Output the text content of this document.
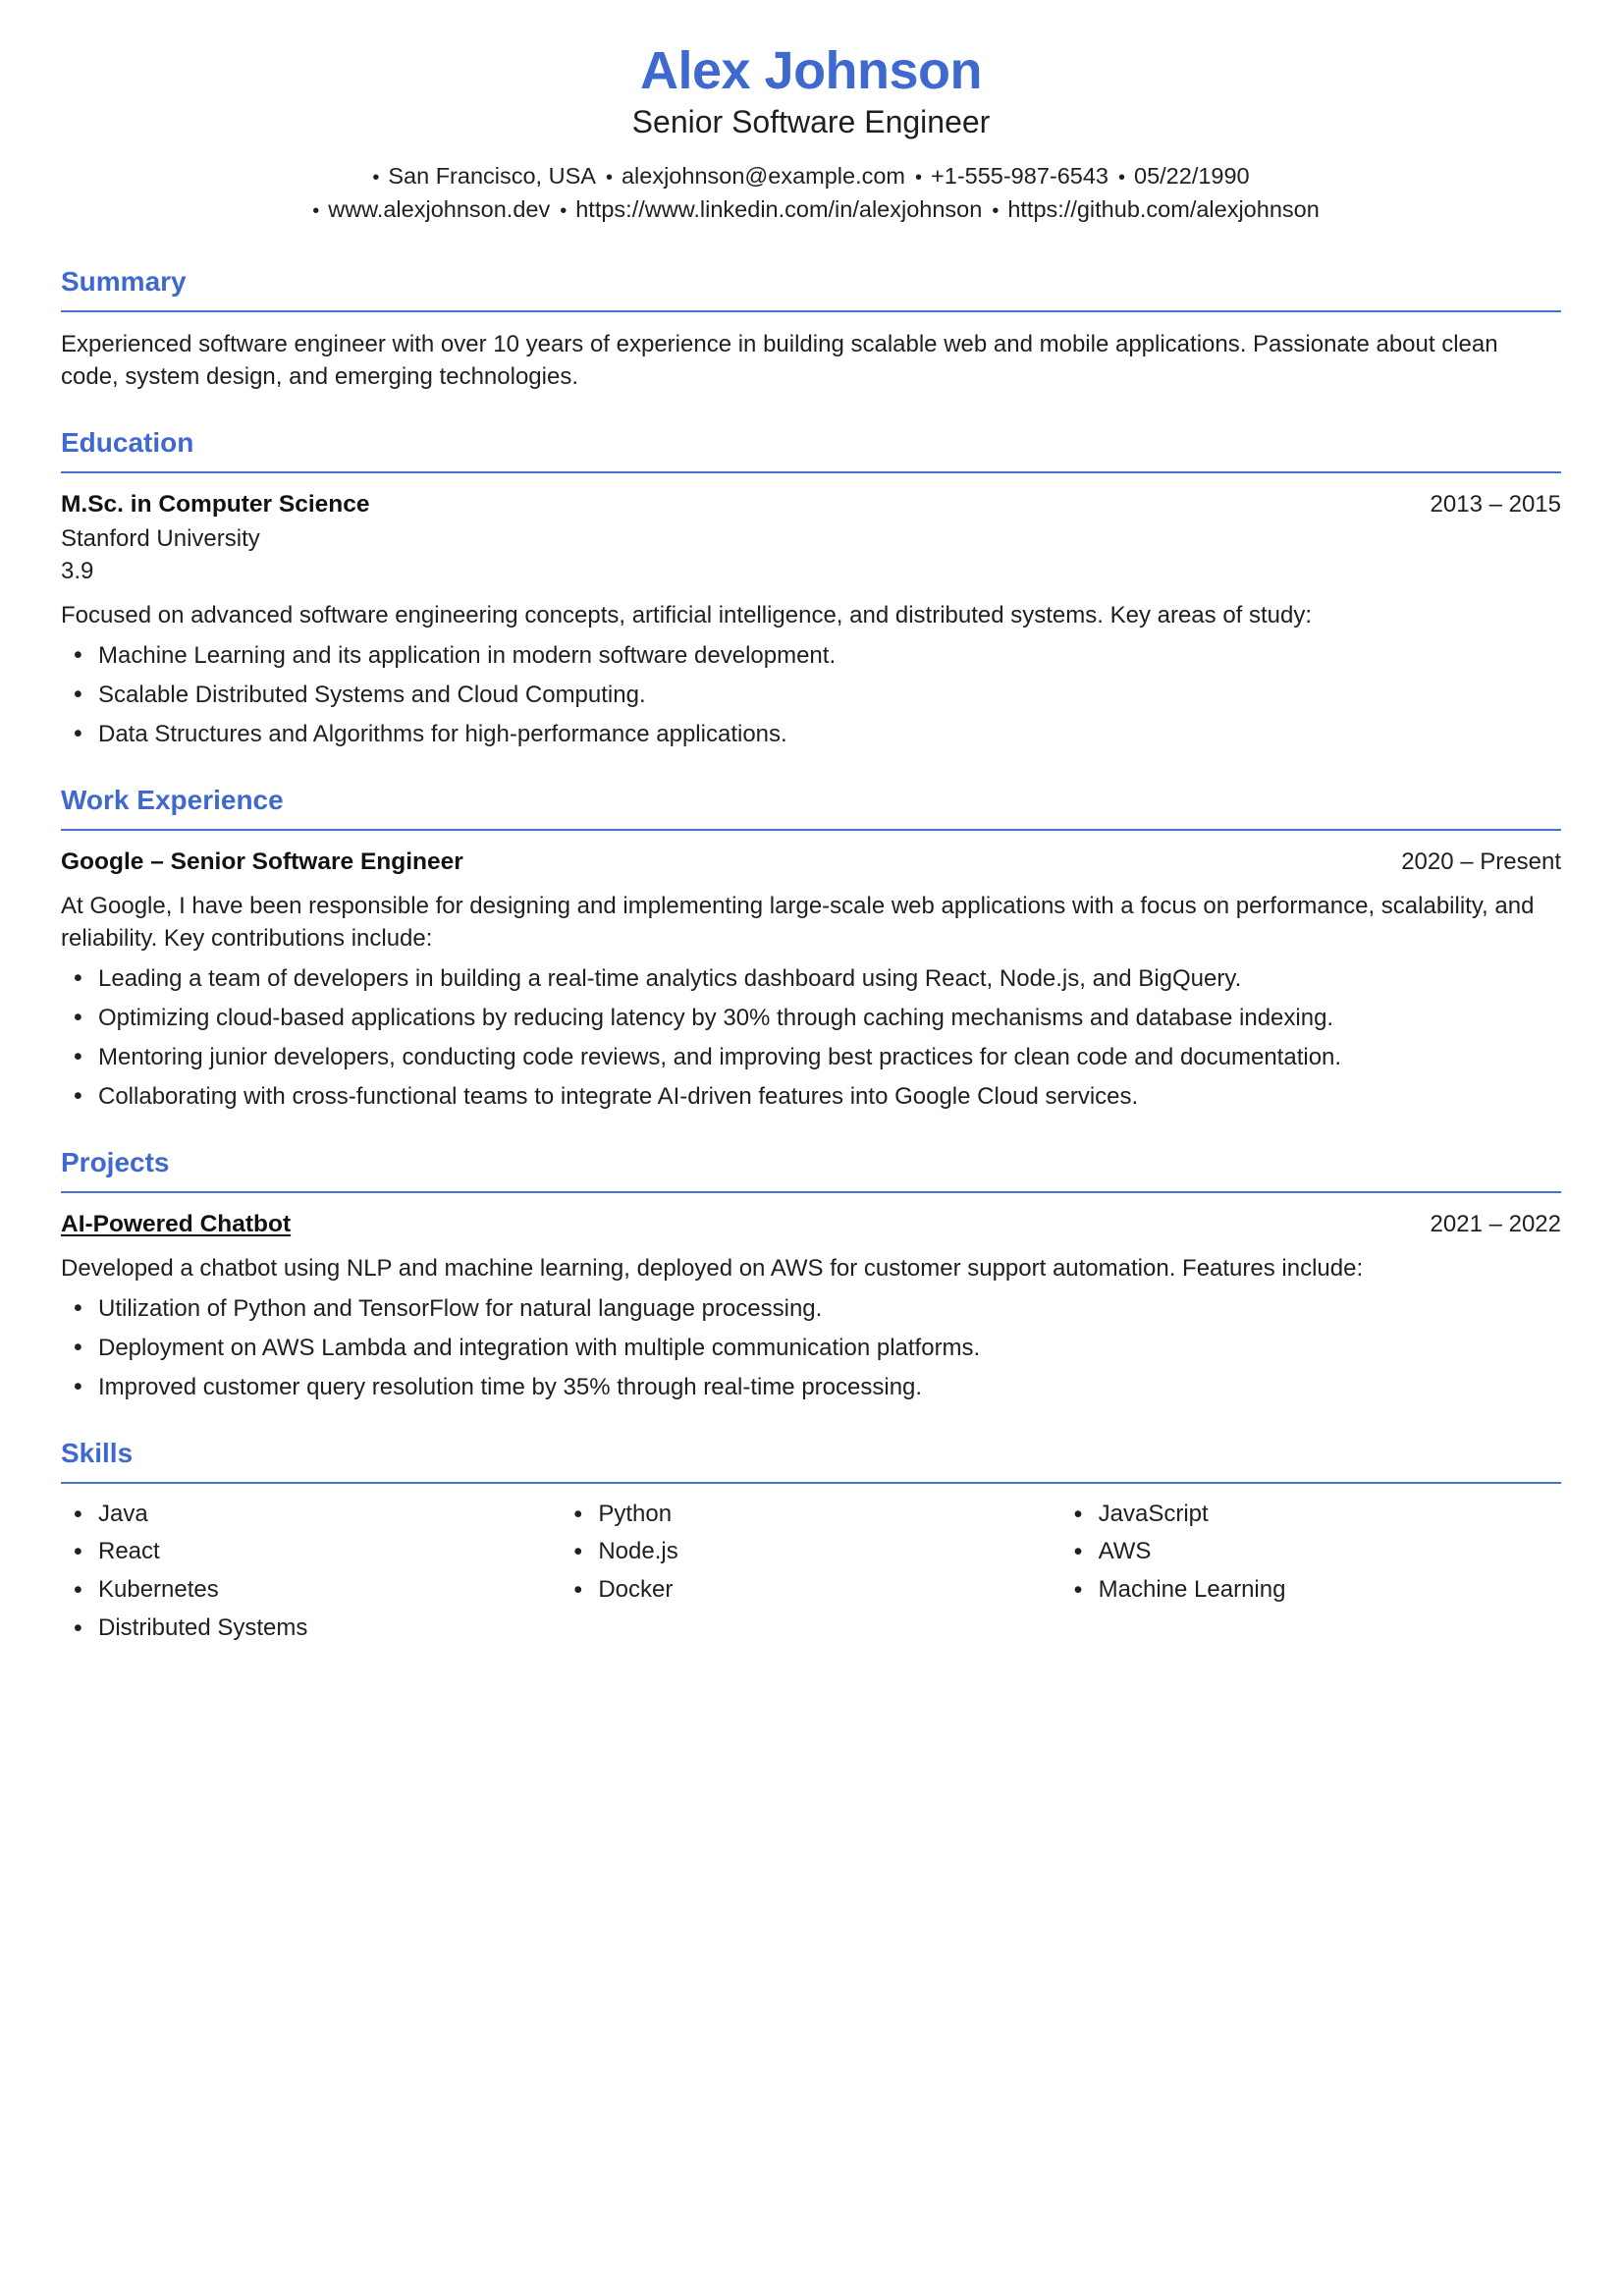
Alex Johnson
Senior Software Engineer
•San Francisco, USA •	alexjohnson@example.com •	+1-555-987-6543 •	05/22/1990
•www.alexjohnson.dev •	https://www.linkedin.com/in/alexjohnson •	https://github.com/alexjohnson
Summary

Experienced software engineer with over 10 years of experience in building scalable web and mobile applications. Passionate about clean code, system design, and emerging technologies.

Education
M.Sc. in Computer Science	2013 – 2015
Stanford University
3.9

Focused on advanced software engineering concepts, artificial intelligence, and distributed systems. Key areas of study:

• Machine Learning and its application in modern software development.
• Scalable Distributed Systems and Cloud Computing.
• Data Structures and Algorithms for high-performance applications.
Work Experience
Google – Senior Software Engineer	2020 – Present

At Google, I have been responsible for designing and implementing large-scale web applications with a focus on performance, scalability, and reliability. Key contributions include:

• Leading a team of developers in building a real-time analytics dashboard using React, Node.js, and BigQuery.
• Optimizing cloud-based applications by reducing latency by 30% through caching mechanisms and database indexing.
• Mentoring junior developers, conducting code reviews, and improving best practices for clean code and documentation.
• Collaborating with cross-functional teams to integrate AI-driven features into Google Cloud services.
Projects
AI-Powered Chatbot	2021 – 2022

Developed a chatbot using NLP and machine learning, deployed on AWS for customer support automation. Features include:

• Utilization of Python and TensorFlow for natural language processing.
• Deployment on AWS Lambda and integration with multiple communication platforms.
• Improved customer query resolution time by 35% through real-time processing.
Skills
• Java
• React
• Kubernetes
• Distributed Systems
• Python
• Node.js
• Docker
• JavaScript
• AWS
• Machine Learning
